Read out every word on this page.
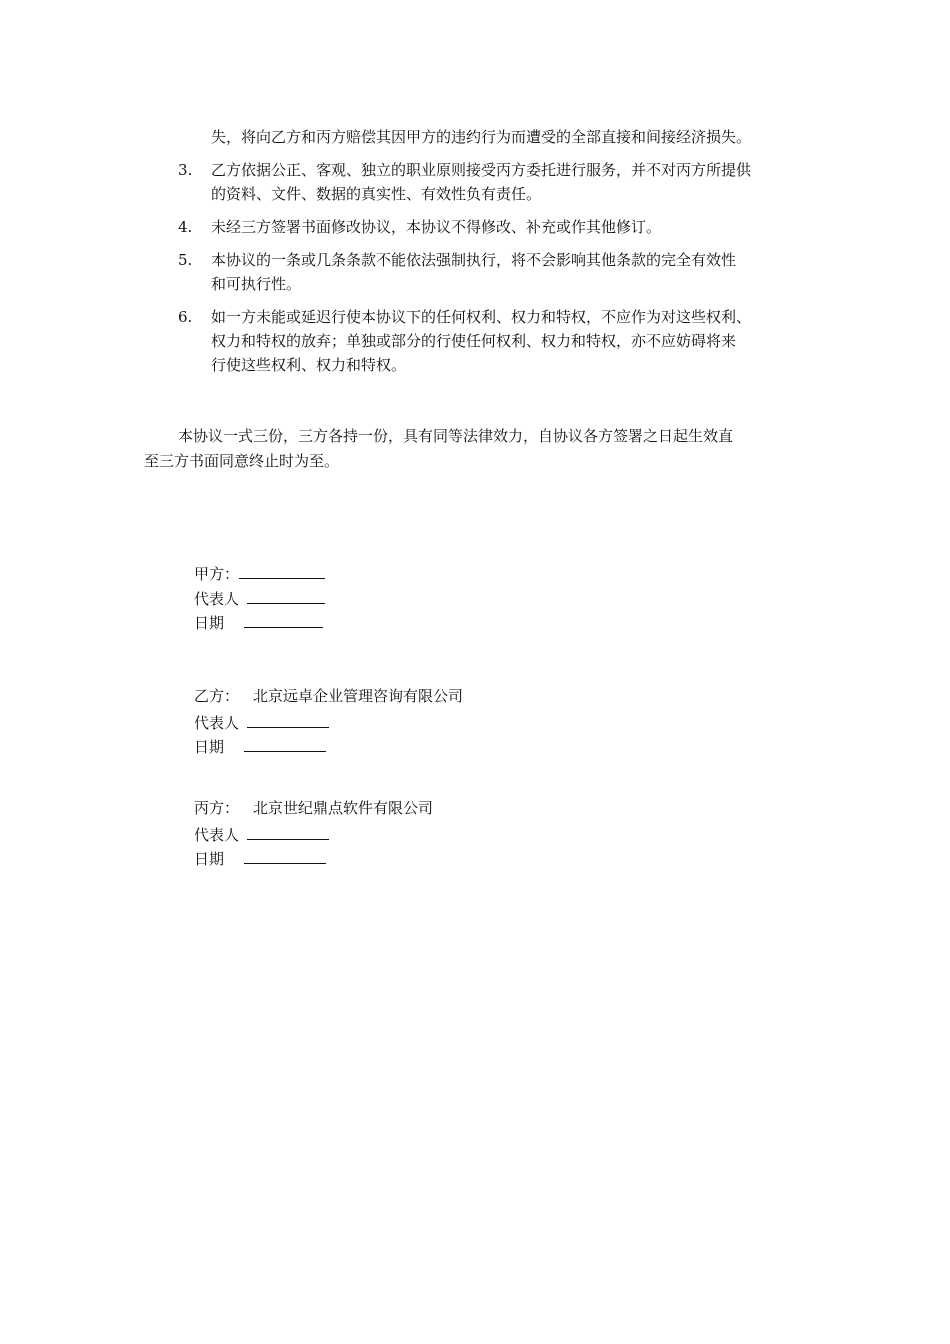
失，将向乙方和丙方赔偿其因甲方的违约行为而遭受的全部直接和间接经济损失。
3. 乙方依据公正、客观、独立的职业原则接受丙方委托进行服务，并不对丙方所提供
的资料、文件、数据的真实性、有效性负有责任。
4. 未经三方签署书面修改协议，本协议不得修改、补充或作其他修订。
5. 本协议的一条或几条条款不能依法强制执行，将不会影响其他条款的完全有效性
和可执行性。
6. 如一方未能或延迟行使本协议下的任何权利、权力和特权，不应作为对这些权利、
权力和特权的放弃；单独或部分的行使任何权利、权力和特权，亦不应妨碍将来
行使这些权利、权力和特权。
本协议一式三份，三方各持一份，具有同等法律效力，自协议各方签署之日起生效直
至三方书面同意终止时为至。
甲方：
代表人
日期
乙方： 北京远卓企业管理咨询有限公司
代表人
日期
丙方： 北京世纪鼎点软件有限公司
代表人
日期
